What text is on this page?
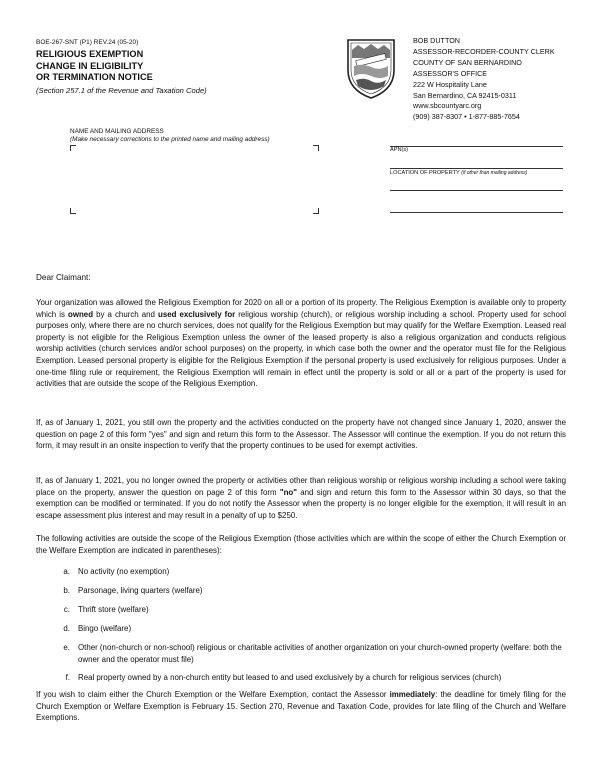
BOE-267-SNT (P1) REV.24 (05-20)
RELIGIOUS EXEMPTION
CHANGE IN ELIGIBILITY
OR TERMINATION NOTICE
(Section 257.1 of the Revenue and Taxation Code)
BOB DUTTON
ASSESSOR-RECORDER-COUNTY CLERK
COUNTY OF SAN BERNARDINO
ASSESSOR'S OFFICE
222 W Hospitality Lane
San Bernardino, CA 92415-0311
www.sbcountyarc.org
(909) 387-8307 • 1-877-885-7654
NAME AND MAILING ADDRESS
(Make necessary corrections to the printed name and mailing address)
APN(s)
LOCATION OF PROPERTY (if other than mailing address)
Dear Claimant:

Your organization was allowed the Religious Exemption for 2020 on all or a portion of its property. The Religious Exemption is available only to property which is owned by a church and used exclusively for religious worship (church), or religious worship including a school. Property used for school purposes only, where there are no church services, does not qualify for the Religious Exemption but may qualify for the Welfare Exemption. Leased real property is not eligible for the Religious Exemption unless the owner of the leased property is also a religious organization and conducts religious worship activities (church services and/or school purposes) on the property, in which case both the owner and the operator must file for the Religious Exemption. Leased personal property is eligible for the Religious Exemption if the personal property is used exclusively for religious purposes. Under a one-time filing rule or requirement, the Religious Exemption will remain in effect until the property is sold or all or a part of the property is used for activities that are outside the scope of the Religious Exemption.

If, as of January 1, 2021, you still own the property and the activities conducted on the property have not changed since January 1, 2020, answer the question on page 2 of this form "yes" and sign and return this form to the Assessor. The Assessor will continue the exemption. If you do not return this form, it may result in an onsite inspection to verify that the property continues to be used for exempt activities.

If, as of January 1, 2021, you no longer owned the property or activities other than religious worship or religious worship including a school were taking place on the property, answer the question on page 2 of this form "no" and sign and return this form to the Assessor within 30 days, so that the exemption can be modified or terminated. If you do not notify the Assessor when the property is no longer eligible for the exemption, it will result in an escape assessment plus interest and may result in a penalty of up to $250.

The following activities are outside the scope of the Religious Exemption (those activities which are within the scope of either the Church Exemption or the Welfare Exemption are indicated in parentheses):

a. No activity (no exemption)
b. Parsonage, living quarters (welfare)
c. Thrift store (welfare)
d. Bingo (welfare)
e. Other (non-church or non-school) religious or charitable activities of another organization on your church-owned property (welfare: both the owner and the operator must file)
f. Real property owned by a non-church entity but leased to and used exclusively by a church for religious services (church)

If you wish to claim either the Church Exemption or the Welfare Exemption, contact the Assessor immediately: the deadline for timely filing for the Church Exemption or Welfare Exemption is February 15. Section 270, Revenue and Taxation Code, provides for late filing of the Church and Welfare Exemptions.
